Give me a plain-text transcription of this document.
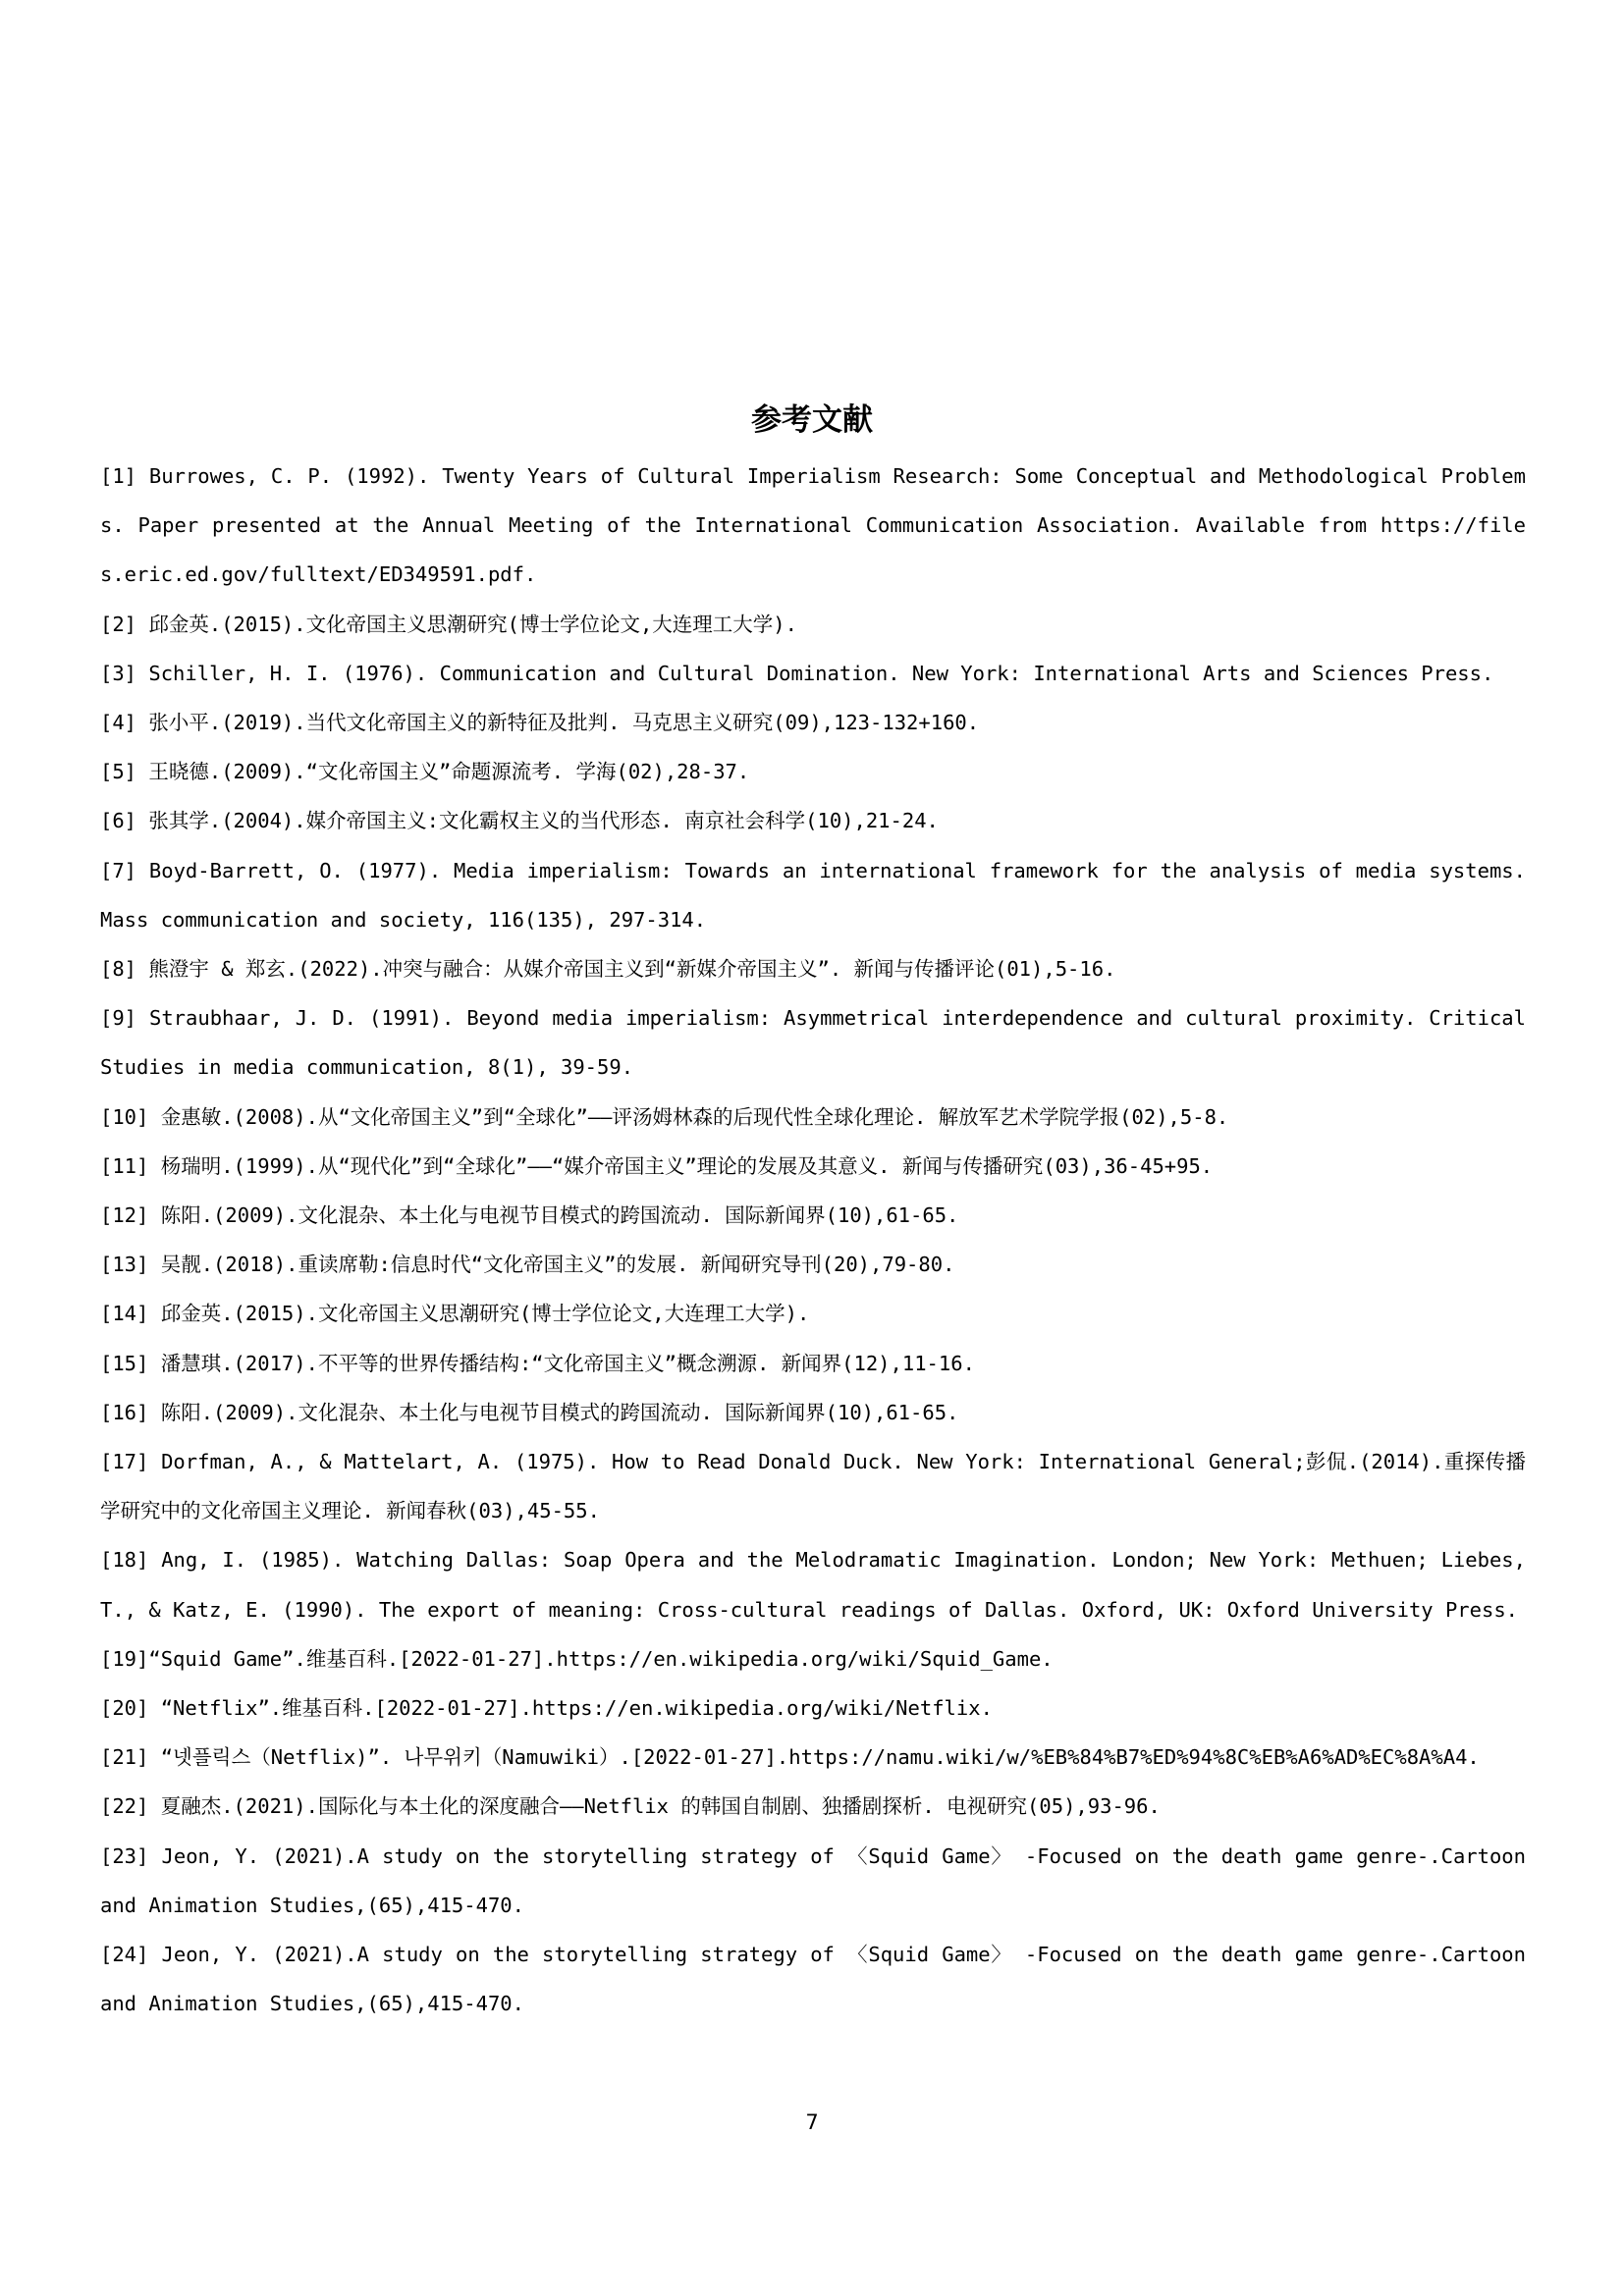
参考文献
[1] Burrowes, C. P. (1992). Twenty Years of Cultural Imperialism Research: Some Conceptual and Methodological Problems. Paper presented at the Annual Meeting of the International Communication Association. Available from https://files.eric.ed.gov/fulltext/ED349591.pdf.
[2] 邱金英.(2015).文化帝国主义思潮研究(博士学位论文,大连理工大学).
[3] Schiller, H. I. (1976). Communication and Cultural Domination. New York: International Arts and Sciences Press.
[4] 张小平.(2019).当代文化帝国主义的新特征及批判. 马克思主义研究(09),123-132+160.
[5] 王晓德.(2009).“文化帝国主义”命题源流考. 学海(02),28-37.
[6] 张其学.(2004).媒介帝国主义:文化霸权主义的当代形态. 南京社会科学(10),21-24.
[7] Boyd-Barrett, O. (1977). Media imperialism: Towards an international framework for the analysis of media systems. Mass communication and society, 116(135), 297-314.
[8] 熊澄宇 & 郑玄.(2022).冲突与融合：从媒介帝国主义到“新媒介帝国主义”. 新闻与传播评论(01),5-16.
[9] Straubhaar, J. D. (1991). Beyond media imperialism: Asymmetrical interdependence and cultural proximity. Critical Studies in media communication, 8(1), 39-59.
[10] 金惠敏.(2008).从“文化帝国主义”到“全球化”——评汤姆林森的后现代性全球化理论. 解放军艺术学院学报(02),5-8.
[11] 杨瑞明.(1999).从“现代化”到“全球化”——“媒介帝国主义”理论的发展及其意义. 新闻与传播研究(03),36-45+95.
[12] 陈阳.(2009).文化混杂、本土化与电视节目模式的跨国流动. 国际新闻界(10),61-65.
[13] 吴靓.(2018).重读席勒:信息时代“文化帝国主义”的发展. 新闻研究导刊(20),79-80.
[14] 邱金英.(2015).文化帝国主义思潮研究(博士学位论文,大连理工大学).
[15] 潘慧琪.(2017).不平等的世界传播结构:“文化帝国主义”概念溯源. 新闻界(12),11-16.
[16] 陈阳.(2009).文化混杂、本土化与电视节目模式的跨国流动. 国际新闻界(10),61-65.
[17] Dorfman, A., & Mattelart, A. (1975). How to Read Donald Duck. New York: International General;彭侃.(2014).重探传播学研究中的文化帝国主义理论. 新闻春秋(03),45-55.
[18] Ang, I. (1985). Watching Dallas: Soap Opera and the Melodramatic Imagination. London; New York: Methuen; Liebes, T., & Katz, E. (1990). The export of meaning: Cross-cultural readings of Dallas. Oxford, UK: Oxford University Press.
[19]“Squid Game”.维基百科.[2022-01-27].https://en.wikipedia.org/wiki/Squid_Game.
[20] “Netflix”.维基百科.[2022-01-27].https://en.wikipedia.org/wiki/Netflix.
[21] “넷플릭스（Netflix)”. 나무위키（Namuwiki）.[2022-01-27].https://namu.wiki/w/%EB%84%B7%ED%94%8C%EB%A6%AD%EC%8A%A4.
[22] 夏融杰.(2021).国际化与本土化的深度融合——Netflix 的韩国自制剧、独播剧探析. 电视研究(05),93-96.
[23] Jeon, Y. (2021).A study on the storytelling strategy of 〈Squid Game〉 -Focused on the death game genre-.Cartoon and Animation Studies,(65),415-470.
[24] Jeon, Y. (2021).A study on the storytelling strategy of 〈Squid Game〉 -Focused on the death game genre-.Cartoon and Animation Studies,(65),415-470.
7
